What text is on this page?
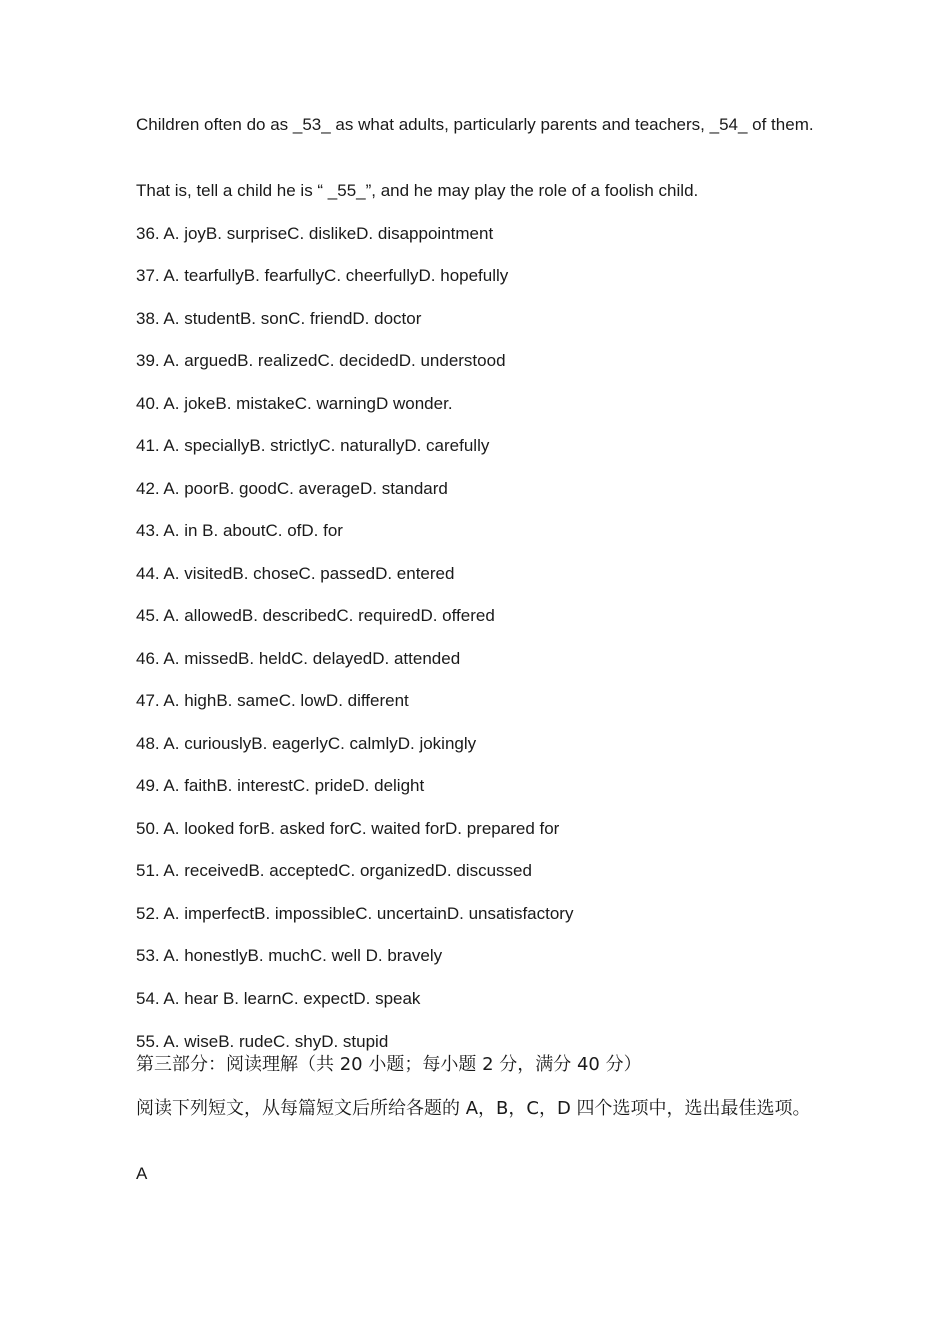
Children often do as _53_ as what adults, particularly parents and teachers, _54_ of them.
That is, tell a child he is “ _55_”, and he may play the role of a foolish child.
36. A. joyB. surpriseC. dislikeD. disappointment
37. A. tearfullyB. fearfullyC. cheerfullyD. hopefully
38. A. studentB. sonC. friendD. doctor
39. A. arguedB. realizedC. decidedD. understood
40. A. jokeB. mistakeC. warningD wonder.
41. A. speciallyB. strictlyC. naturallyD. carefully
42. A. poorB. goodC. averageD. standard
43. A. in B. aboutC. ofD. for
44. A. visitedB. choseC. passedD. entered
45. A. allowedB. describedC. requiredD. offered
46. A. missedB. heldC. delayedD. attended
47. A. highB. sameC. lowD. different
48. A. curiouslyB. eagerlyC. calmlyD. jokingly
49. A. faithB. interestC. prideD. delight
50. A. looked forB. asked forC. waited forD. prepared for
51. A. receivedB. acceptedC. organizedD. discussed
52. A. imperfectB. impossibleC. uncertainD. unsatisfactory
53. A. honestlyB. muchC. well D. bravely
54. A. hear B. learnC. expectD. speak
55. A. wiseB. rudeC. shyD. stupid
第三部分：阅读理解（共 20 小题；每小题 2 分，满分 40 分）
阅读下列短文，从每篇短文后所给各题的 A，B，C，D 四个选项中，选出最佳选项。
A
